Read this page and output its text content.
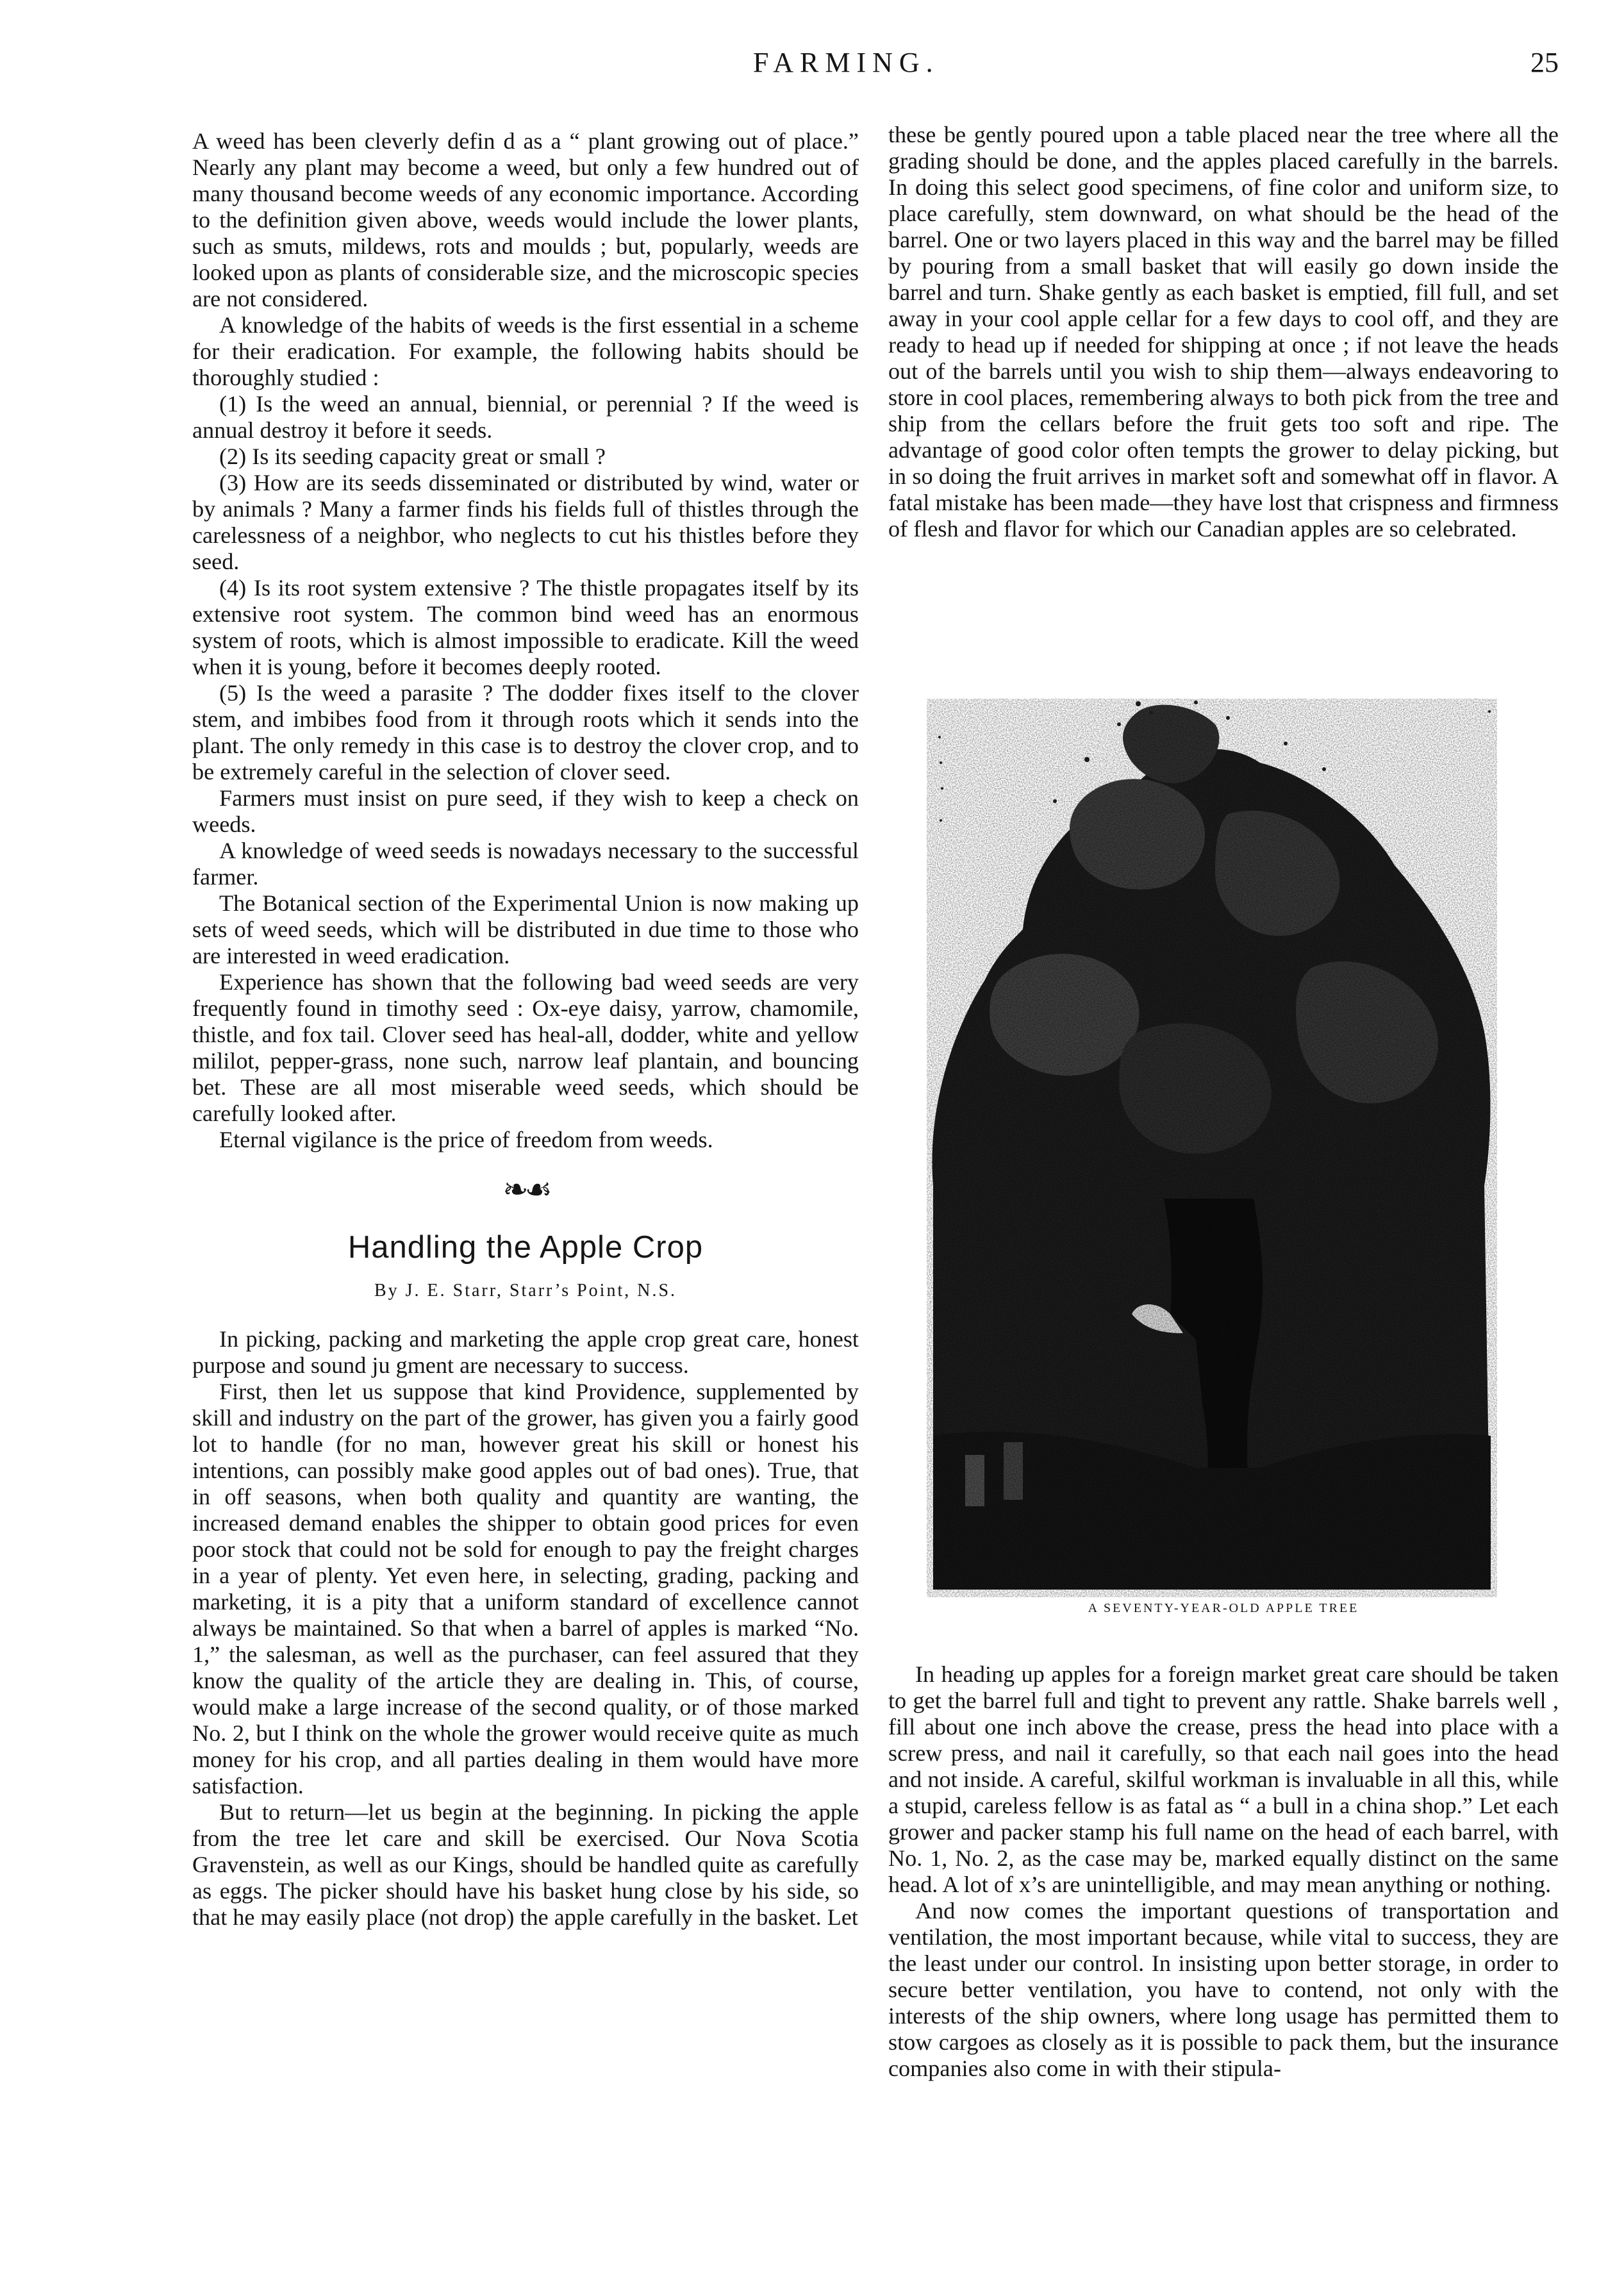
FARMING.	25

A weed has been cleverly defin d as a “ plant growing out of place.” Nearly any plant may become a weed, but only a few hundred out of many thousand become weeds of any economic importance. According to the definition given above, weeds would include the lower plants, such as smuts, mildews, rots and moulds ; but, popularly, weeds are looked upon as plants of considerable size, and the microscopic species are not considered.

A knowledge of the habits of weeds is the first essential in a scheme for their eradication. For example, the following habits should be thoroughly studied :

(1) Is the weed an annual, biennial, or perennial ? If the weed is annual destroy it before it seeds.

(2) Is its seeding capacity great or small ?

(3) How are its seeds disseminated or distributed by wind, water or by animals ? Many a farmer finds his fields full of thistles through the carelessness of a neighbor, who neglects to cut his thistles before they seed.

(4) Is its root system extensive ? The thistle propagates itself by its extensive root system. The common bind weed has an enormous system of roots, which is almost impossible to eradicate. Kill the weed when it is young, before it becomes deeply rooted.

(5) Is the weed a parasite ? The dodder fixes itself to the clover stem, and imbibes food from it through roots which it sends into the plant. The only remedy in this case is to destroy the clover crop, and to be extremely careful in the selection of clover seed.

Farmers must insist on pure seed, if they wish to keep a check on weeds.

A knowledge of weed seeds is nowadays necessary to the successful farmer.

The Botanical section of the Experimental Union is now making up sets of weed seeds, which will be distributed in due time to those who are interested in weed eradication.

Experience has shown that the following bad weed seeds are very frequently found in timothy seed : Ox-eye daisy, yarrow, chamomile, thistle, and fox tail. Clover seed has heal-all, dodder, white and yellow mililot, pepper-grass, none such, narrow leaf plantain, and bouncing bet. These are all most miserable weed seeds, which should be carefully looked after.

Eternal vigilance is the price of freedom from weeds.

❧☙
Handling the Apple Crop
By J. E. Starr, Starr’s Point, N.S.

In picking, packing and marketing the apple crop great care, honest purpose and sound ju gment are necessary to success.

First, then let us suppose that kind Providence, supplemented by skill and industry on the part of the grower, has given you a fairly good lot to handle (for no man, however great his skill or honest his intentions, can possibly make good apples out of bad ones). True, that in off seasons, when both quality and quantity are wanting, the increased demand enables the shipper to obtain good prices for even poor stock that could not be sold for enough to pay the freight charges in a year of plenty. Yet even here, in selecting, grading, packing and marketing, it is a pity that a uniform standard of excellence cannot always be maintained. So that when a barrel of apples is marked “No. 1,” the salesman, as well as the purchaser, can feel assured that they know the quality of the article they are dealing in. This, of course, would make a large increase of the second quality, or of those marked No. 2, but I think on the whole the grower would receive quite as much money for his crop, and all parties dealing in them would have more satisfaction.

But to return—let us begin at the beginning. In picking the apple from the tree let care and skill be exercised. Our Nova Scotia Gravenstein, as well as our Kings, should be handled quite as carefully as eggs. The picker should have his basket hung close by his side, so that he may easily place (not drop) the apple carefully in the basket. Let

these be gently poured upon a table placed near the tree where all the grading should be done, and the apples placed carefully in the barrels. In doing this select good specimens, of fine color and uniform size, to place carefully, stem downward, on what should be the head of the barrel. One or two layers placed in this way and the barrel may be filled by pouring from a small basket that will easily go down inside the barrel and turn. Shake gently as each basket is emptied, fill full, and set away in your cool apple cellar for a few days to cool off, and they are ready to head up if needed for shipping at once ; if not leave the heads out of the barrels until you wish to ship them—always endeavoring to store in cool places, remembering always to both pick from the tree and ship from the cellars before the fruit gets too soft and ripe. The advantage of good color often tempts the grower to delay picking, but in so doing the fruit arrives in market soft and somewhat off in flavor. A fatal mistake has been made—they have lost that crispness and firmness of flesh and flavor for which our Canadian apples are so celebrated.

A SEVENTY-YEAR-OLD APPLE TREE

In heading up apples for a foreign market great care should be taken to get the barrel full and tight to prevent any rattle. Shake barrels well , fill about one inch above the crease, press the head into place with a screw press, and nail it carefully, so that each nail goes into the head and not inside. A careful, skilful workman is invaluable in all this, while a stupid, careless fellow is as fatal as “ a bull in a china shop.” Let each grower and packer stamp his full name on the head of each barrel, with No. 1, No. 2, as the case may be, marked equally distinct on the same head. A lot of x’s are unintelligible, and may mean anything or nothing.

And now comes the important questions of transportation and ventilation, the most important because, while vital to success, they are the least under our control. In insisting upon better storage, in order to secure better ventilation, you have to contend, not only with the interests of the ship owners, where long usage has permitted them to stow cargoes as closely as it is possible to pack them, but the insurance companies also come in with their stipula-
